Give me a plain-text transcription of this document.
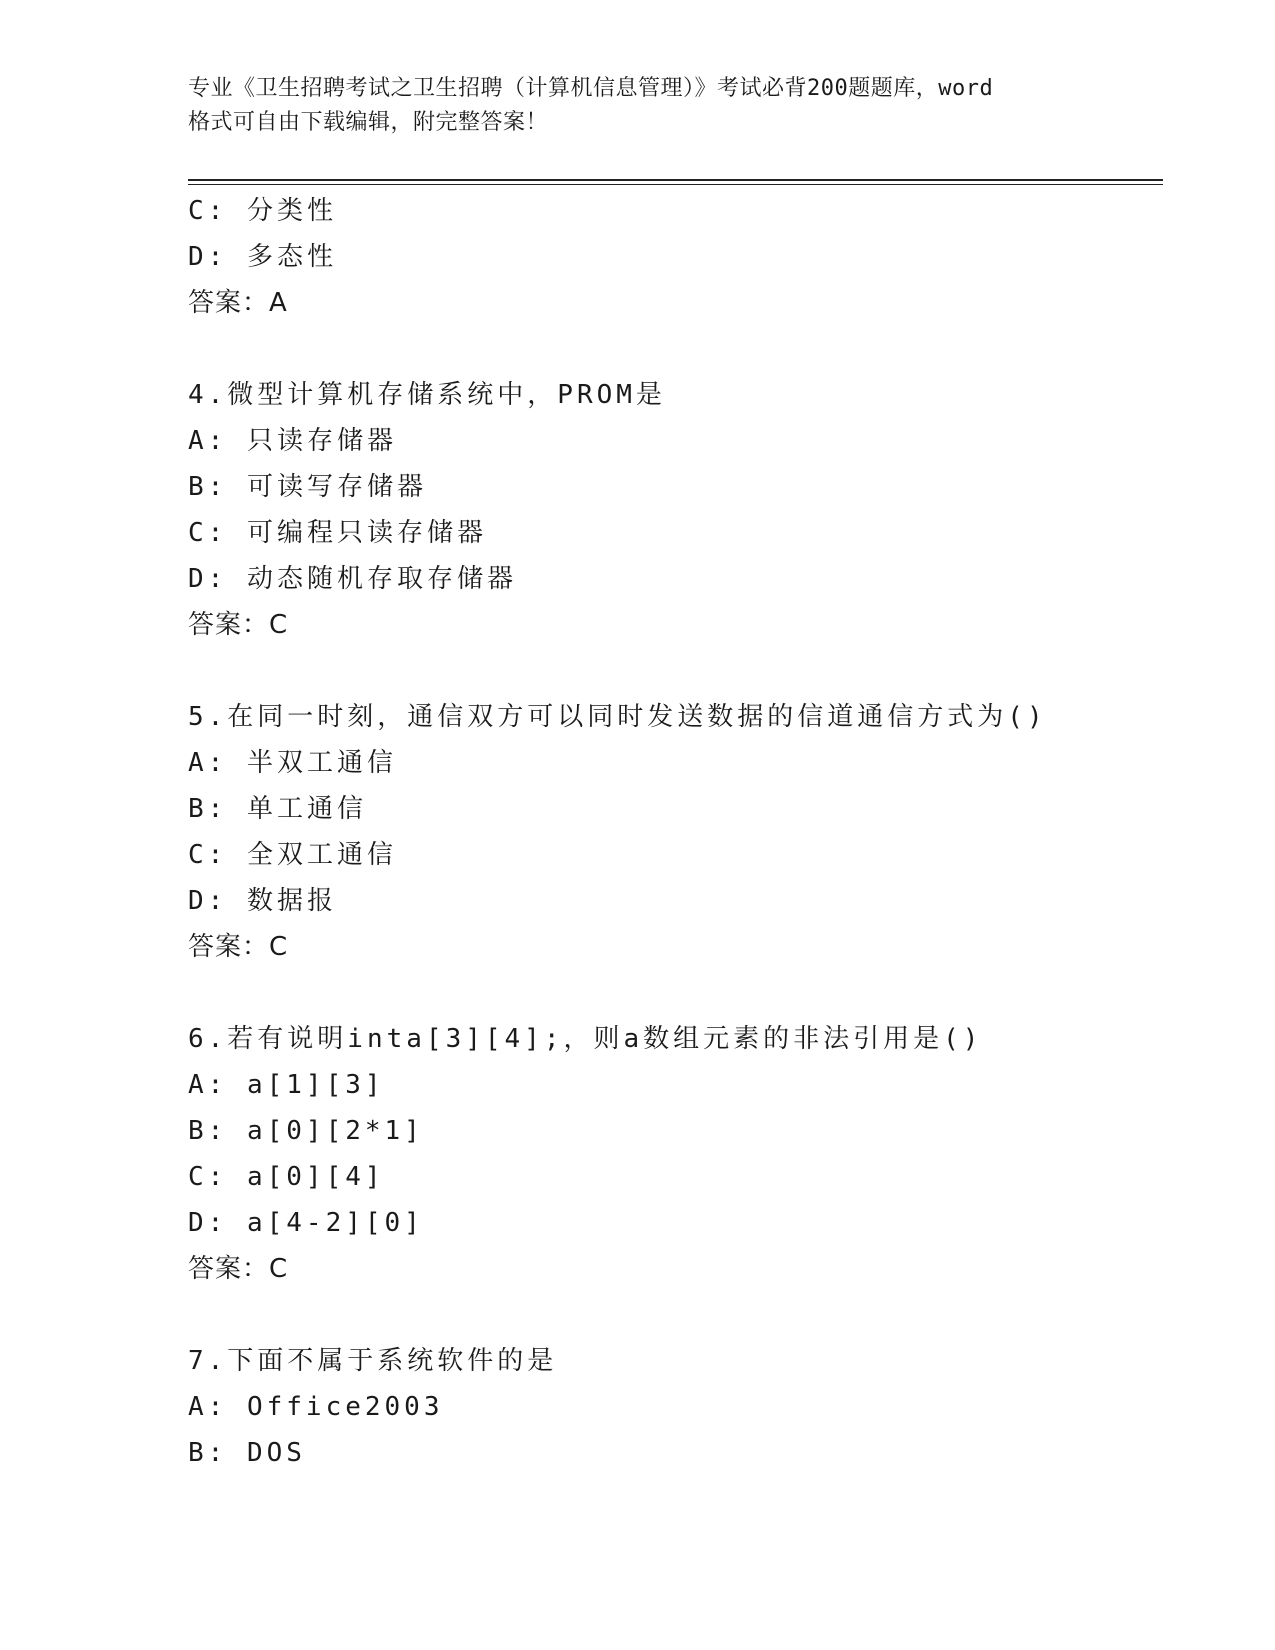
专业《卫生招聘考试之卫生招聘（计算机信息管理）》考试必背200题题库，word
格式可自由下载编辑，附完整答案！
C: 分类性
D: 多态性
答案：A
4.微型计算机存储系统中，PROM是
A: 只读存储器
B: 可读写存储器
C: 可编程只读存储器
D: 动态随机存取存储器
答案：C
5.在同一时刻，通信双方可以同时发送数据的信道通信方式为()
A: 半双工通信
B: 单工通信
C: 全双工通信
D: 数据报
答案：C
6.若有说明inta[3][4];，则a数组元素的非法引用是()
A: a[1][3]
B: a[0][2*1]
C: a[0][4]
D: a[4-2][0]
答案：C
7.下面不属于系统软件的是
A: Office2003
B: DOS
